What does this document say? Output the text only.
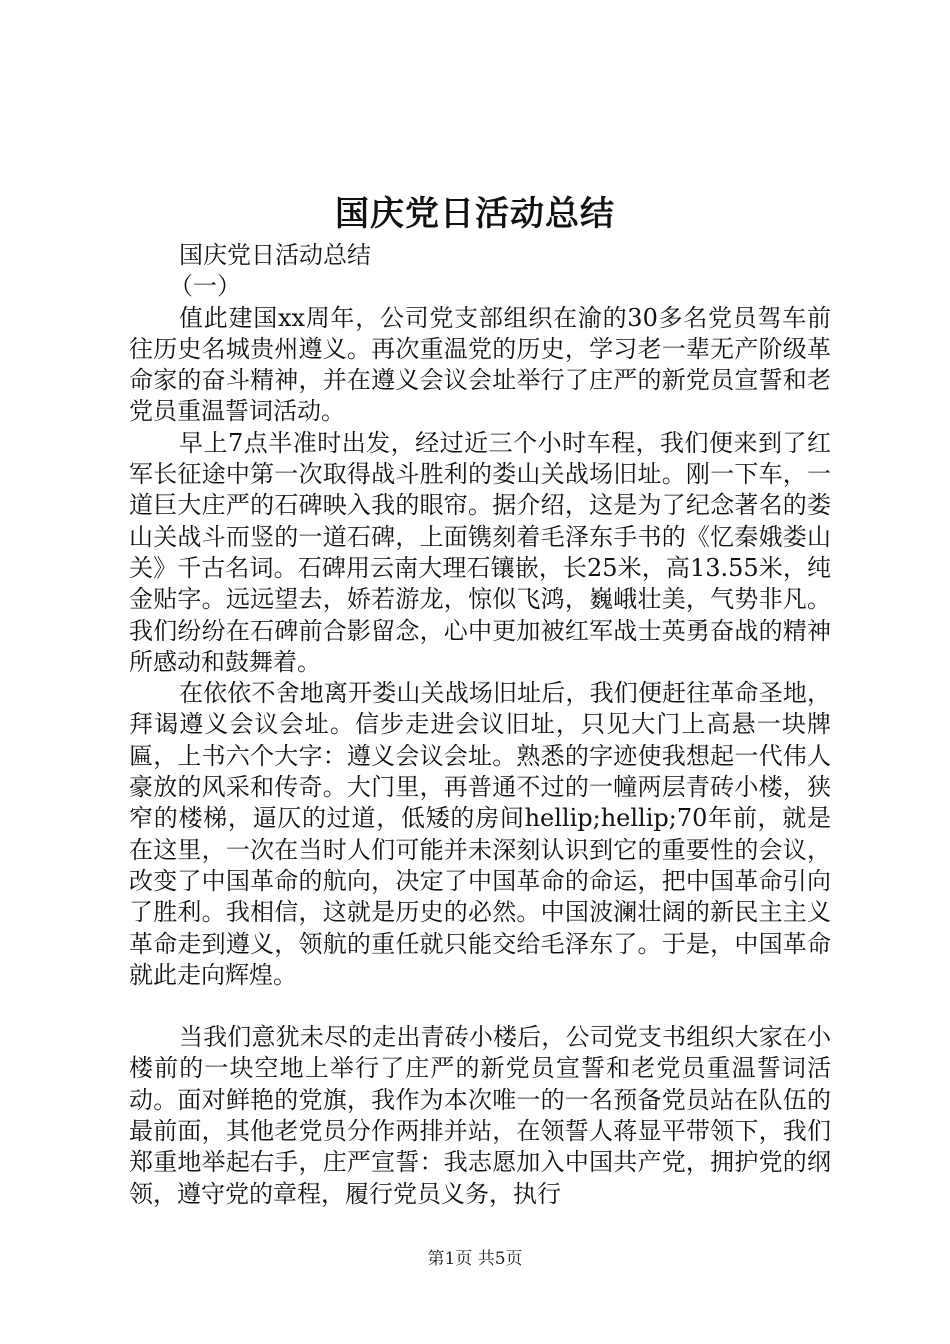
国庆党日活动总结

国庆党日活动总结

（一）

值此建国xx周年，公司党支部组织在渝的30多名党员驾车前往历史名城贵州遵义。再次重温党的历史，学习老一辈无产阶级革命家的奋斗精神，并在遵义会议会址举行了庄严的新党员宣誓和老党员重温誓词活动。

早上7点半准时出发，经过近三个小时车程，我们便来到了红军长征途中第一次取得战斗胜利的娄山关战场旧址。刚一下车，一道巨大庄严的石碑映入我的眼帘。据介绍，这是为了纪念著名的娄山关战斗而竖的一道石碑，上面镌刻着毛泽东手书的《忆秦娥娄山关》千古名词。石碑用云南大理石镶嵌，长25米，高13.55米，纯金贴字。远远望去，娇若游龙，惊似飞鸿，巍峨壮美，气势非凡。我们纷纷在石碑前合影留念，心中更加被红军战士英勇奋战的精神所感动和鼓舞着。

在依依不舍地离开娄山关战场旧址后，我们便赶往革命圣地，拜谒遵义会议会址。信步走进会议旧址，只见大门上高悬一块牌匾，上书六个大字：遵义会议会址。熟悉的字迹使我想起一代伟人豪放的风采和传奇。大门里，再普通不过的一幢两层青砖小楼，狭窄的楼梯，逼仄的过道，低矮的房间hellip;hellip;70年前，就是在这里，一次在当时人们可能并未深刻认识到它的重要性的会议，改变了中国革命的航向，决定了中国革命的命运，把中国革命引向了胜利。我相信，这就是历史的必然。中国波澜壮阔的新民主主义革命走到遵义，领航的重任就只能交给毛泽东了。于是，中国革命就此走向辉煌。

当我们意犹未尽的走出青砖小楼后，公司党支书组织大家在小楼前的一块空地上举行了庄严的新党员宣誓和老党员重温誓词活动。面对鲜艳的党旗，我作为本次唯一的一名预备党员站在队伍的最前面，其他老党员分作两排并站，在领誓人蒋显平带领下，我们郑重地举起右手，庄严宣誓：我志愿加入中国共产党，拥护党的纲领，遵守党的章程，履行党员义务，执行

第1页 共5页
